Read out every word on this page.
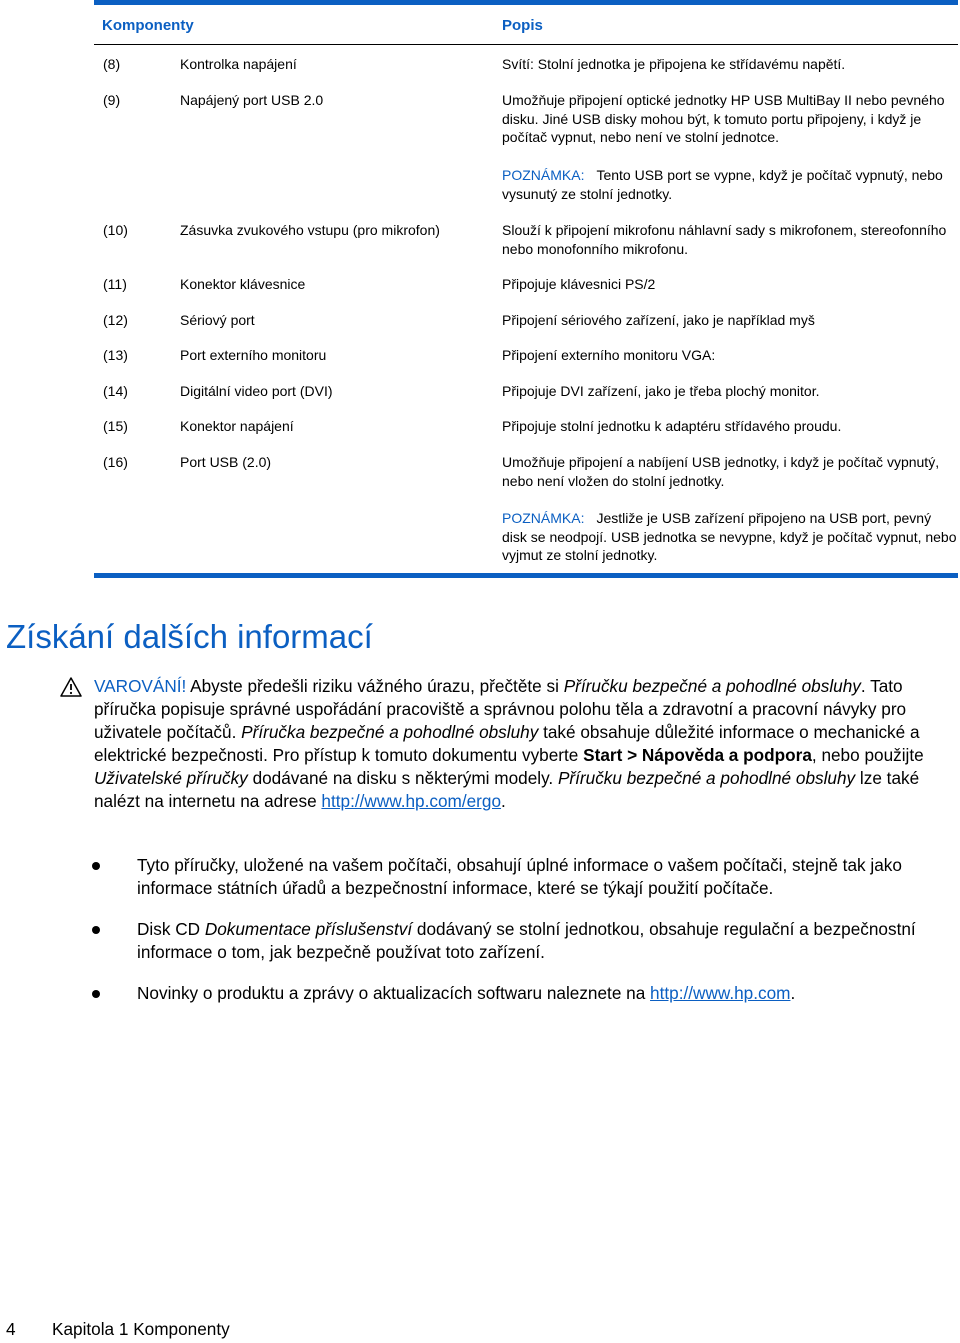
Komponenty	Popis
(8)	Kontrolka napájení	Svítí: Stolní jednotka je připojena ke střídavému napětí.
(9)	Napájený port USB 2.0	Umožňuje připojení optické jednotky HP USB MultiBay II nebo pevného disku. Jiné USB disky mohou být, k tomuto portu připojeny, i když je počítač vypnut, nebo není ve stolní jednotce.
POZNÁMKA: Tento USB port se vypne, když je počítač vypnutý, nebo vysunutý ze stolní jednotky.
(10)	Zásuvka zvukového vstupu (pro mikrofon)	Slouží k připojení mikrofonu náhlavní sady s mikrofonem, stereofonního nebo monofonního mikrofonu.
(11)	Konektor klávesnice	Připojuje klávesnici PS/2
(12)	Sériový port	Připojení sériového zařízení, jako je například myš
(13)	Port externího monitoru	Připojení externího monitoru VGA:
(14)	Digitální video port (DVI)	Připojuje DVI zařízení, jako je třeba plochý monitor.
(15)	Konektor napájení	Připojuje stolní jednotku k adaptéru střídavého proudu.
(16)	Port USB (2.0)	Umožňuje připojení a nabíjení USB jednotky, i když je počítač vypnutý, nebo není vložen do stolní jednotky.
POZNÁMKA: Jestliže je USB zařízení připojeno na USB port, pevný disk se neodpojí. USB jednotka se nevypne, když je počítač vypnut, nebo vyjmut ze stolní jednotky.
Získání dalších informací
VAROVÁNÍ! Abyste předešli riziku vážného úrazu, přečtěte si Příručku bezpečné a pohodlné obsluhy. Tato příručka popisuje správné uspořádání pracoviště a správnou polohu těla a zdravotní a pracovní návyky pro uživatele počítačů. Příručka bezpečné a pohodlné obsluhy také obsahuje důležité informace o mechanické a elektrické bezpečnosti. Pro přístup k tomuto dokumentu vyberte Start > Nápověda a podpora, nebo použijte Uživatelské příručky dodávané na disku s některými modely. Příručku bezpečné a pohodlné obsluhy lze také nalézt na internetu na adrese http://www.hp.com/ergo.
Tyto příručky, uložené na vašem počítači, obsahují úplné informace o vašem počítači, stejně tak jako informace státních úřadů a bezpečnostní informace, které se týkají použití počítače.
Disk CD Dokumentace příslušenství dodávaný se stolní jednotkou, obsahuje regulační a bezpečnostní informace o tom, jak bezpečně používat toto zařízení.
Novinky o produktu a zprávy o aktualizacích softwaru naleznete na http://www.hp.com.
4 Kapitola 1 Komponenty
